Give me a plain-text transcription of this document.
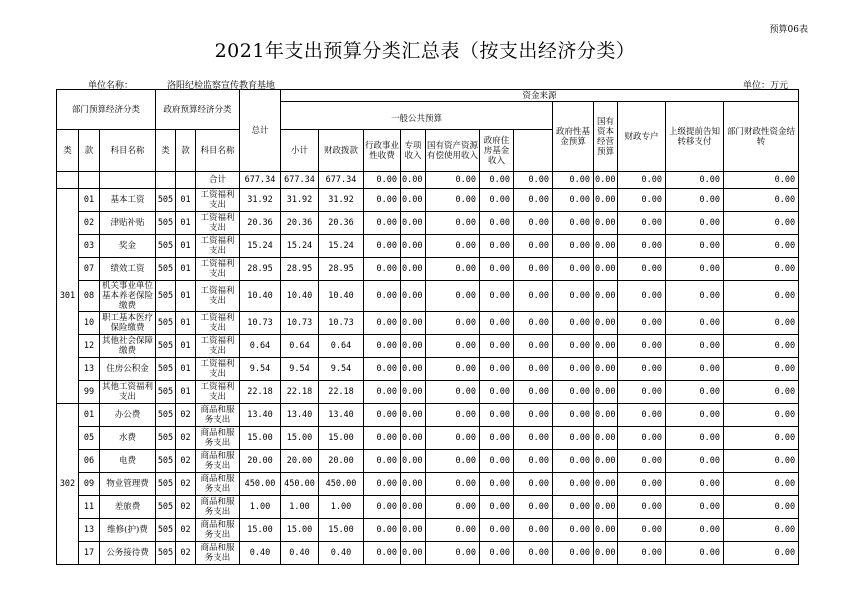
预算06表
2021年支出预算分类汇总表（按支出经济分类）
单位名称：	洛阳纪检监察宣传教育基地	单位：万元
部门预算经济分类			政府预算经济分类			总计	资金来源												
														政府性基金预算	国有资本经营预算	财政专户	上级提前告知转移支付	部门财政性资金结转	
							一般公共预算												
类	款	科目名称	类	款	科目名称		小计	财政拨款	行政事业性收费	专项收入	国有资产资源有偿使用收入	政府住房基金收入							
					合计	677.34	677.34	677.34	0.00	0.00	0.00	0.00	0.00	0.00	0.00	0.00	0.00	0.00	
301	01	基本工资	505	01	工资福利支出	31.92	31.92	31.92	0.00	0.00	0.00	0.00	0.00	0.00	0.00	0.00	0.00	0.00	
	02	津贴补贴	505	01	工资福利支出	20.36	20.36	20.36	0.00	0.00	0.00	0.00	0.00	0.00	0.00	0.00	0.00	0.00	
	03	奖金	505	01	工资福利支出	15.24	15.24	15.24	0.00	0.00	0.00	0.00	0.00	0.00	0.00	0.00	0.00	0.00	
	07	绩效工资	505	01	工资福利支出	28.95	28.95	28.95	0.00	0.00	0.00	0.00	0.00	0.00	0.00	0.00	0.00	0.00	
	08	机关事业单位基本养老保险缴费	505	01	工资福利支出	10.40	10.40	10.40	0.00	0.00	0.00	0.00	0.00	0.00	0.00	0.00	0.00	0.00	
	10	职工基本医疗保险缴费	505	01	工资福利支出	10.73	10.73	10.73	0.00	0.00	0.00	0.00	0.00	0.00	0.00	0.00	0.00	0.00	
	12	其他社会保障缴费	505	01	工资福利支出	0.64	0.64	0.64	0.00	0.00	0.00	0.00	0.00	0.00	0.00	0.00	0.00	0.00	
	13	住房公积金	505	01	工资福利支出	9.54	9.54	9.54	0.00	0.00	0.00	0.00	0.00	0.00	0.00	0.00	0.00	0.00	
	99	其他工资福利支出	505	01	工资福利支出	22.18	22.18	22.18	0.00	0.00	0.00	0.00	0.00	0.00	0.00	0.00	0.00	0.00	
302	01	办公费	505	02	商品和服务支出	13.40	13.40	13.40	0.00	0.00	0.00	0.00	0.00	0.00	0.00	0.00	0.00	0.00	
	05	水费	505	02	商品和服务支出	15.00	15.00	15.00	0.00	0.00	0.00	0.00	0.00	0.00	0.00	0.00	0.00	0.00	
	06	电费	505	02	商品和服务支出	20.00	20.00	20.00	0.00	0.00	0.00	0.00	0.00	0.00	0.00	0.00	0.00	0.00	
	09	物业管理费	505	02	商品和服务支出	450.00	450.00	450.00	0.00	0.00	0.00	0.00	0.00	0.00	0.00	0.00	0.00	0.00	
	11	差旅费	505	02	商品和服务支出	1.00	1.00	1.00	0.00	0.00	0.00	0.00	0.00	0.00	0.00	0.00	0.00	0.00	
	13	维修(护)费	505	02	商品和服务支出	15.00	15.00	15.00	0.00	0.00	0.00	0.00	0.00	0.00	0.00	0.00	0.00	0.00	
	17	公务接待费	505	02	商品和服务支出	0.40	0.40	0.40	0.00	0.00	0.00	0.00	0.00	0.00	0.00	0.00	0.00	0.00	
